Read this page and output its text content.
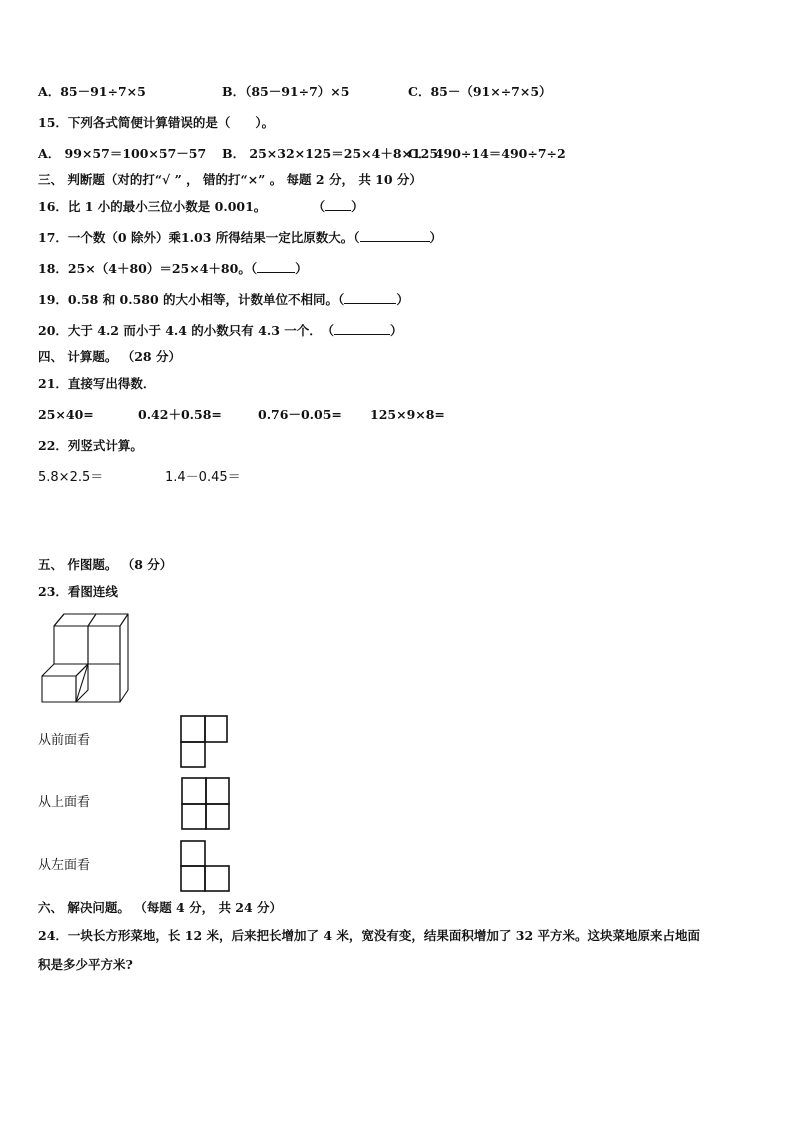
A．85－91÷7×5	B．（85－91÷7）×5	C．85－（91×÷7×5）
15．下列各式简便计算错误的是（　　）。
A． 99×57＝100×57－57 B． 25×32×125＝25×4＋8×125
C． 490÷14＝490÷7÷2
三、 判断题（对的打“√ ” ， 错的打“×” 。 每题 2 分， 共 10 分）
16．比 1 小的最小三位小数是 0.001。	（ ）
17．一个数（0 除外）乘1.03 所得结果一定比原数大。（	）
18．25×（4＋80）＝25×4＋80。（	）
19．0.58 和 0.580 的大小相等，计数单位不相同。（	）
20．大于 4.2 而小于 4.4 的小数只有 4.3 一个． （	）
四、 计算题。 （28 分）
21．直接写出得数．
25×40=	0.42＋0.58=	0.76－0.05= 125×9×8=
22．列竖式计算。
5.8×2.5＝	1.4－0.45＝
五、 作图题。 （8 分）
23．看图连线
从前面看
从上面看
从左面看
六、 解决问题。 （每题 4 分， 共 24 分）
24．一块长方形菜地，长 12 米，后来把长增加了 4 米，宽没有变，结果面积增加了 32 平方米。这块菜地原来占地面
积是多少平方米?
